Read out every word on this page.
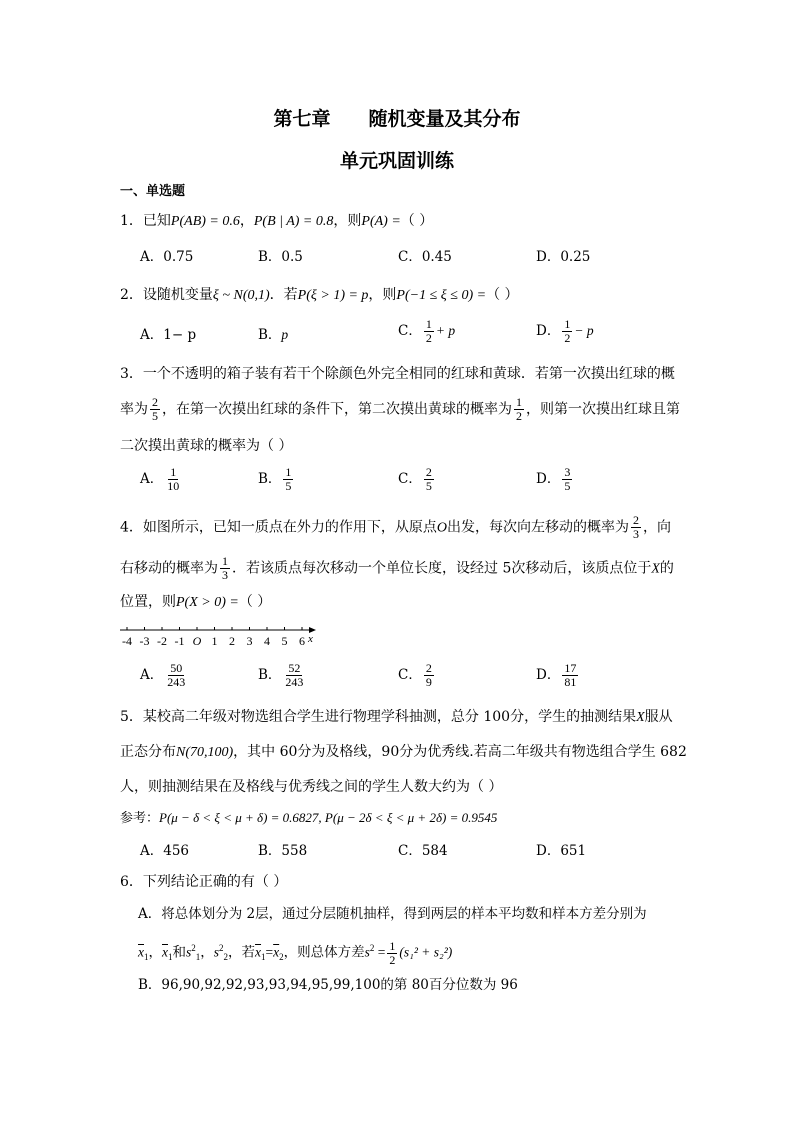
第七章 随机变量及其分布
单元巩固训练
一、单选题
1．已知P(AB) = 0.6，P(B | A) = 0.8，则P(A) =（ ）
A．0.75	B．0.5	C．0.45	D．0.25
2．设随机变量ξ ~ N(0,1)．若P(ξ > 1) = p，则P(−1 ≤ ξ ≤ 0) =（ ）
A．1− p	B．p	C． $\frac{1}{2} + p$	D． $\frac{1}{2} - p$
3．一个不透明的箱子装有若干个除颜色外完全相同的红球和黄球．若第一次摸出红球的概
率为 $\frac{2}{5}$ ，在第一次摸出红球的条件下，第二次摸出黄球的概率为 $\frac{1}{2}$ ，则第一次摸出红球且第
二次摸出黄球的概率为（ ）
A． $\frac{1}{10}$	B． $\frac{1}{5}$	C． $\frac{2}{5}$	D． $\frac{3}{5}$
4．如图所示，已知一质点在外力的作用下，从原点O出发，每次向左移动的概率为 $\frac{2}{3}$ ，向
右移动的概率为 $\frac{1}{3}$ ．若该质点每次移动一个单位长度，设经过 5次移动后，该质点位于X的
位置，则P(X > 0) =（ ）
-4 -3 -2 -1 O 1 2 3 4 5 6 x
A． $\frac{50}{243}$	B． $\frac{52}{243}$	C． $\frac{2}{9}$	D． $\frac{17}{81}$
5．某校高二年级对物选组合学生进行物理学科抽测，总分 100分，学生的抽测结果X服从
正态分布N(70,100)，其中 60分为及格线，90分为优秀线.若高二年级共有物选组合学生 682
人，则抽测结果在及格线与优秀线之间的学生人数大约为（ ）
参考：P(μ − δ < ξ < μ + δ) = 0.6827, P(μ − 2δ < ξ < μ + 2δ) = 0.9545
A．456	B．558	C．584	D．651
6．下列结论正确的有（ ）
A．将总体划分为 2层，通过分层随机抽样，得到两层的样本平均数和样本方差分别为
$\overline{x}_1$，$\overline{x}_1$和$s^2_1$，$s^2_2$，若$\overline{x}_1=\overline{x}_2$，则总体方差$s^2 = \frac{1}{2} (s_1^2 + s_2^2)$
B．96,90,92,92,93,93,94,95,99,100的第 80百分位数为 96
